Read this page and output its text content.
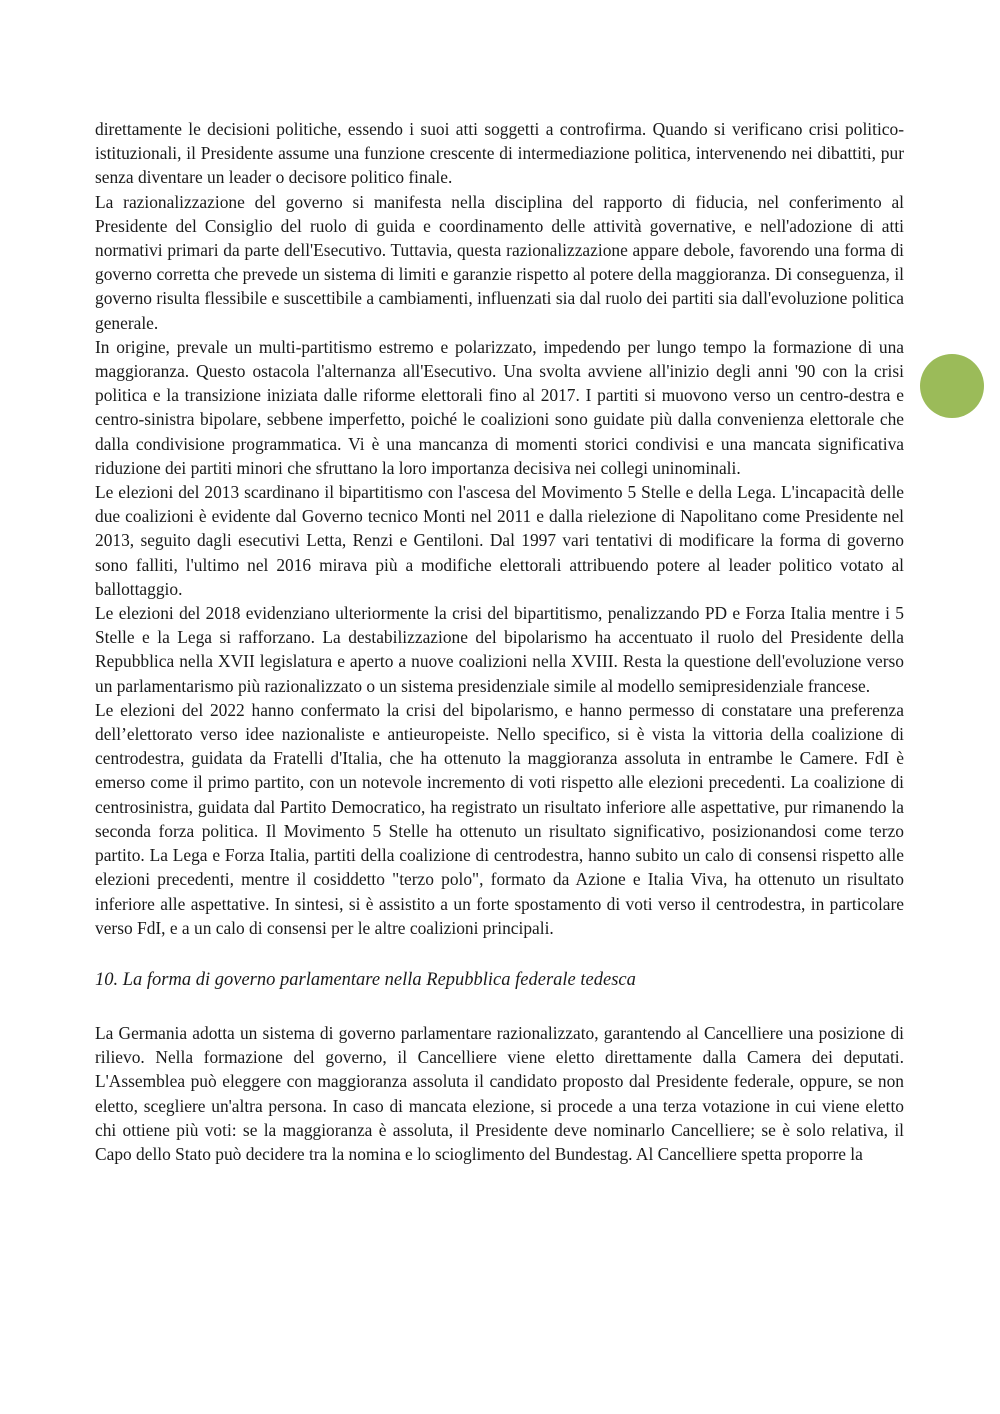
direttamente le decisioni politiche, essendo i suoi atti soggetti a controfirma. Quando si verificano crisi politico-istituzionali, il Presidente assume una funzione crescente di intermediazione politica, intervenendo nei dibattiti, pur senza diventare un leader o decisore politico finale.

La razionalizzazione del governo si manifesta nella disciplina del rapporto di fiducia, nel conferimento al Presidente del Consiglio del ruolo di guida e coordinamento delle attività governative, e nell'adozione di atti normativi primari da parte dell'Esecutivo. Tuttavia, questa razionalizzazione appare debole, favorendo una forma di governo corretta che prevede un sistema di limiti e garanzie rispetto al potere della maggioranza. Di conseguenza, il governo risulta flessibile e suscettibile a cambiamenti, influenzati sia dal ruolo dei partiti sia dall'evoluzione politica generale.

In origine, prevale un multi-partitismo estremo e polarizzato, impedendo per lungo tempo la formazione di una maggioranza. Questo ostacola l'alternanza all'Esecutivo. Una svolta avviene all'inizio degli anni '90 con la crisi politica e la transizione iniziata dalle riforme elettorali fino al 2017. I partiti si muovono verso un centro-destra e centro-sinistra bipolare, sebbene imperfetto, poiché le coalizioni sono guidate più dalla convenienza elettorale che dalla condivisione programmatica. Vi è una mancanza di momenti storici condivisi e una mancata significativa riduzione dei partiti minori che sfruttano la loro importanza decisiva nei collegi uninominali.

Le elezioni del 2013 scardinano il bipartitismo con l'ascesa del Movimento 5 Stelle e della Lega. L'incapacità delle due coalizioni è evidente dal Governo tecnico Monti nel 2011 e dalla rielezione di Napolitano come Presidente nel 2013, seguito dagli esecutivi Letta, Renzi e Gentiloni. Dal 1997 vari tentativi di modificare la forma di governo sono falliti, l'ultimo nel 2016 mirava più a modifiche elettorali attribuendo potere al leader politico votato al ballottaggio.

Le elezioni del 2018 evidenziano ulteriormente la crisi del bipartitismo, penalizzando PD e Forza Italia mentre i 5 Stelle e la Lega si rafforzano. La destabilizzazione del bipolarismo ha accentuato il ruolo del Presidente della Repubblica nella XVII legislatura e aperto a nuove coalizioni nella XVIII. Resta la questione dell'evoluzione verso un parlamentarismo più razionalizzato o un sistema presidenziale simile al modello semipresidenziale francese.

Le elezioni del 2022 hanno confermato la crisi del bipolarismo, e hanno permesso di constatare una preferenza dell’elettorato verso idee nazionaliste e antieuropeiste. Nello specifico, si è vista la vittoria della coalizione di centrodestra, guidata da Fratelli d'Italia, che ha ottenuto la maggioranza assoluta in entrambe le Camere. FdI è emerso come il primo partito, con un notevole incremento di voti rispetto alle elezioni precedenti. La coalizione di centrosinistra, guidata dal Partito Democratico, ha registrato un risultato inferiore alle aspettative, pur rimanendo la seconda forza politica. Il Movimento 5 Stelle ha ottenuto un risultato significativo, posizionandosi come terzo partito. La Lega e Forza Italia, partiti della coalizione di centrodestra, hanno subito un calo di consensi rispetto alle elezioni precedenti, mentre il cosiddetto "terzo polo", formato da Azione e Italia Viva, ha ottenuto un risultato inferiore alle aspettative. In sintesi, si è assistito a un forte spostamento di voti verso il centrodestra, in particolare verso FdI, e a un calo di consensi per le altre coalizioni principali.

10. La forma di governo parlamentare nella Repubblica federale tedesca

La Germania adotta un sistema di governo parlamentare razionalizzato, garantendo al Cancelliere una posizione di rilievo. Nella formazione del governo, il Cancelliere viene eletto direttamente dalla Camera dei deputati. L'Assemblea può eleggere con maggioranza assoluta il candidato proposto dal Presidente federale, oppure, se non eletto, scegliere un'altra persona. In caso di mancata elezione, si procede a una terza votazione in cui viene eletto chi ottiene più voti: se la maggioranza è assoluta, il Presidente deve nominarlo Cancelliere; se è solo relativa, il Capo dello Stato può decidere tra la nomina e lo scioglimento del Bundestag. Al Cancelliere spetta proporre la
